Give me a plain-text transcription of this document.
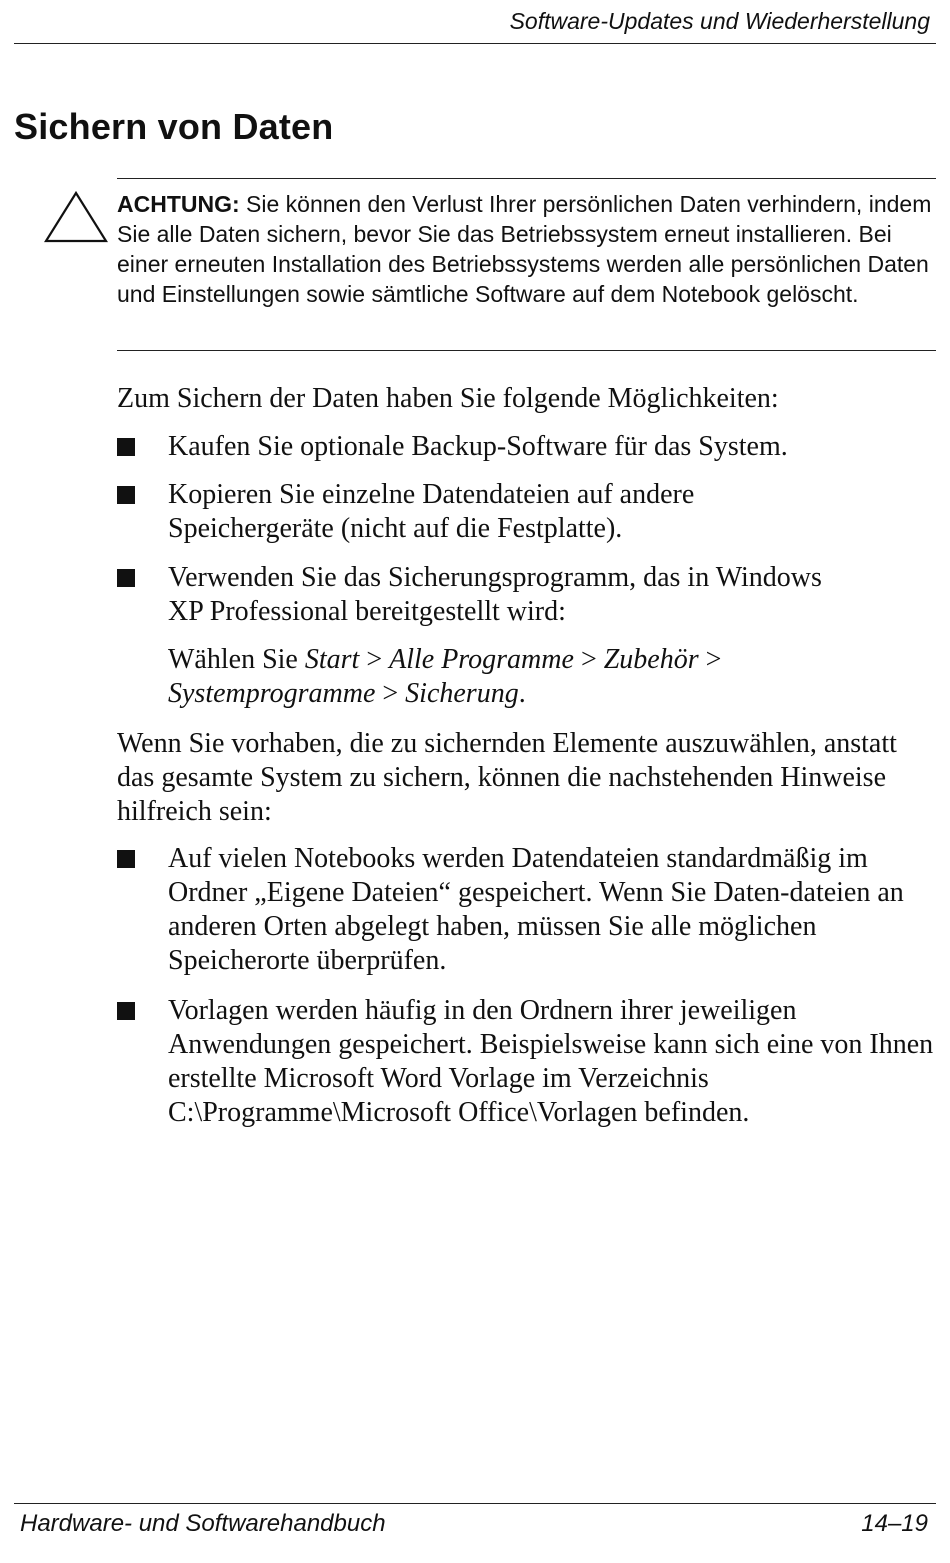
Software-Updates und Wiederherstellung
Sichern von Daten
ACHTUNG: Sie können den Verlust Ihrer persönlichen Daten verhindern, indem Sie alle Daten sichern, bevor Sie das Betriebssystem erneut installieren. Bei einer erneuten Installation des Betriebssystems werden alle persönlichen Daten und Einstellungen sowie sämtliche Software auf dem Notebook gelöscht.

Zum Sichern der Daten haben Sie folgende Möglichkeiten:

Kaufen Sie optionale Backup-Software für das System.

Kopieren Sie einzelne Datendateien auf andere Speichergeräte (nicht auf die Festplatte).

Verwenden Sie das Sicherungsprogramm, das in Windows XP Professional bereitgestellt wird:

Wählen Sie Start > Alle Programme > Zubehör > Systemprogramme > Sicherung.

Wenn Sie vorhaben, die zu sichernden Elemente auszuwählen, anstatt das gesamte System zu sichern, können die nachstehenden Hinweise hilfreich sein:

Auf vielen Notebooks werden Datendateien standardmäßig im Ordner „Eigene Dateien“ gespeichert. Wenn Sie Daten-dateien an anderen Orten abgelegt haben, müssen Sie alle möglichen Speicherorte überprüfen.

Vorlagen werden häufig in den Ordnern ihrer jeweiligen Anwendungen gespeichert. Beispielsweise kann sich eine von Ihnen erstellte Microsoft Word Vorlage im Verzeichnis C:\Programme\Microsoft Office\Vorlagen befinden.

Hardware- und Softwarehandbuch	14–19
